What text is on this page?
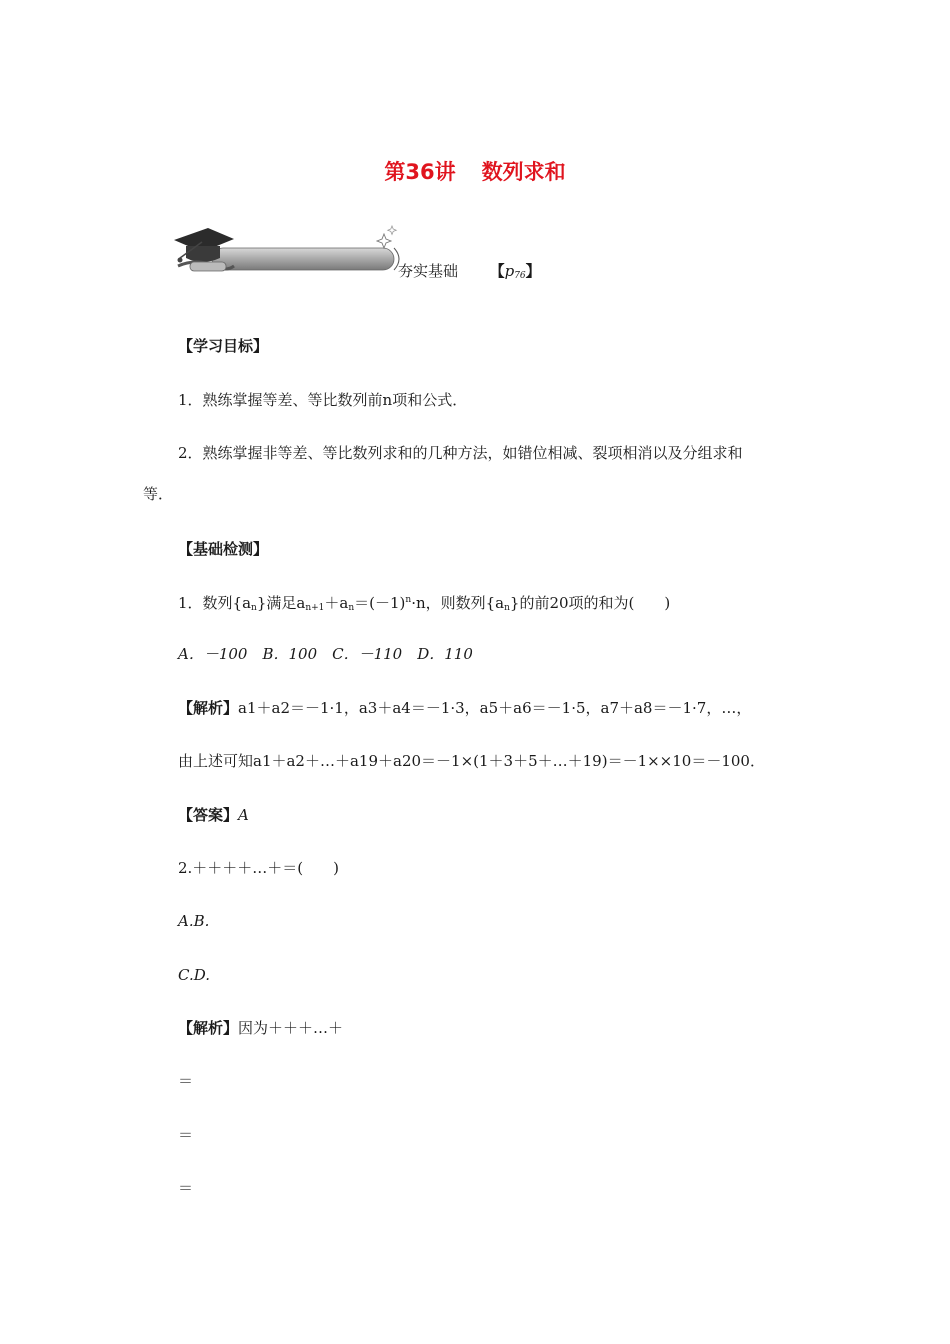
第36讲 数列求和
夯实基础 【$p_{76}$】
【学习目标】
1．熟练掌握等差、等比数列前n项和公式．
2．熟练掌握非等差、等比数列求和的几种方法，如错位相减、裂项相消以及分组求和
等．
【基础检测】
1．数列$\{a_n\}$满足$a_{n+1}+a_n=(-1)^n\cdot n$，则数列$\{a_n\}$的前20项的和为(　　)
A．－100　B．100　C．－110　D．110
【解析】a1＋a2＝－1·1，a3＋a4＝－1·3，a5＋a6＝－1·5，a7＋a8＝－1·7，…，
由上述可知a1＋a2＋…＋a19＋a20＝－1×(1＋3＋5＋…＋19)＝－1××10＝－100．
【答案】A
2.＋＋＋＋…＋＝(　　)
A.B.
C.D.
【解析】因为＋＋＋…＋
＝
＝
＝
